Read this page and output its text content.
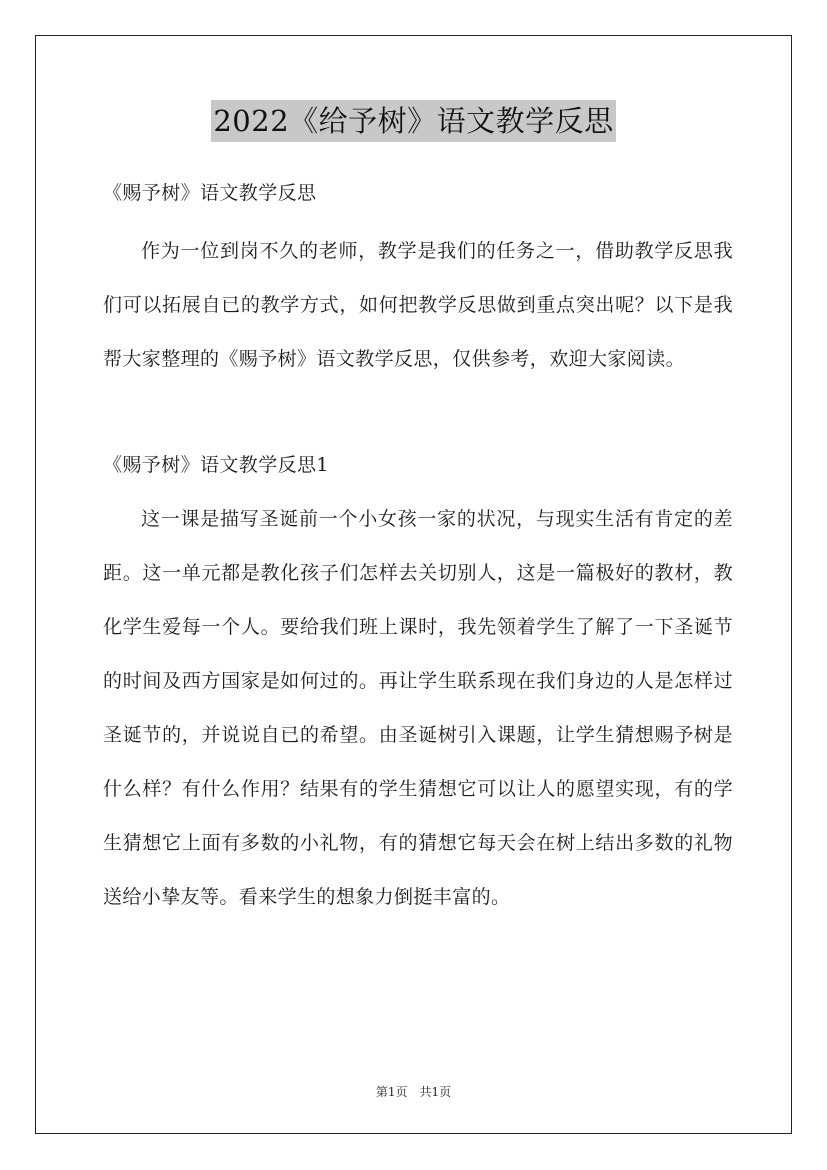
2022《给予树》语文教学反思

《赐予树》语文教学反思

作为一位到岗不久的老师，教学是我们的任务之一，借助教学反思我们可以拓展自已的教学方式，如何把教学反思做到重点突出呢？以下是我帮大家整理的《赐予树》语文教学反思，仅供参考，欢迎大家阅读。

《赐予树》语文教学反思1

这一课是描写圣诞前一个小女孩一家的状况，与现实生活有肯定的差距。这一单元都是教化孩子们怎样去关切别人，这是一篇极好的教材，教化学生爱每一个人。要给我们班上课时，我先领着学生了解了一下圣诞节的时间及西方国家是如何过的。再让学生联系现在我们身边的人是怎样过圣诞节的，并说说自已的希望。由圣诞树引入课题，让学生猜想赐予树是什么样？有什么作用？结果有的学生猜想它可以让人的愿望实现，有的学生猜想它上面有多数的小礼物，有的猜想它每天会在树上结出多数的礼物送给小挚友等。看来学生的想象力倒挺丰富的。

第1页　共1页
